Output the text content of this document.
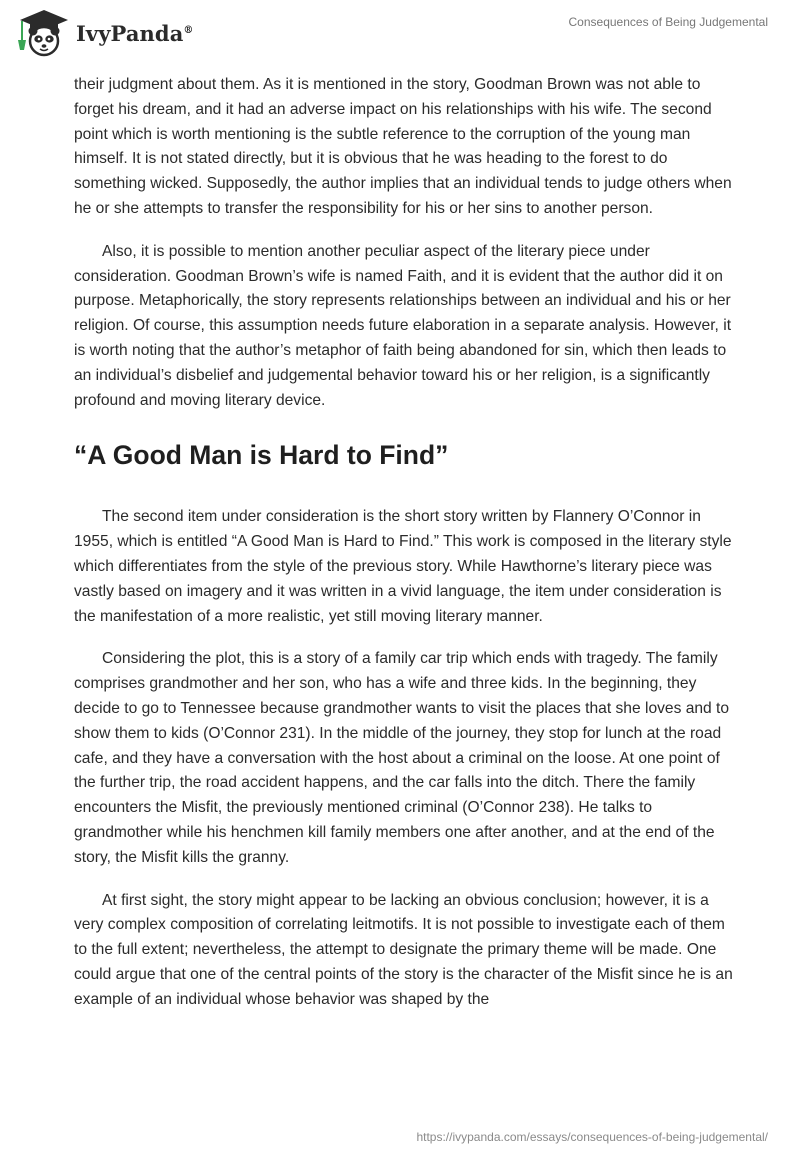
IvyPanda®
Consequences of Being Judgemental

their judgment about them. As it is mentioned in the story, Goodman Brown was not able to forget his dream, and it had an adverse impact on his relationships with his wife. The second point which is worth mentioning is the subtle reference to the corruption of the young man himself. It is not stated directly, but it is obvious that he was heading to the forest to do something wicked. Supposedly, the author implies that an individual tends to judge others when he or she attempts to transfer the responsibility for his or her sins to another person.

Also, it is possible to mention another peculiar aspect of the literary piece under consideration. Goodman Brown’s wife is named Faith, and it is evident that the author did it on purpose. Metaphorically, the story represents relationships between an individual and his or her religion. Of course, this assumption needs future elaboration in a separate analysis. However, it is worth noting that the author’s metaphor of faith being abandoned for sin, which then leads to an individual’s disbelief and judgemental behavior toward his or her religion, is a significantly profound and moving literary device.

“A Good Man is Hard to Find”

The second item under consideration is the short story written by Flannery O’Connor in 1955, which is entitled “A Good Man is Hard to Find.” This work is composed in the literary style which differentiates from the style of the previous story. While Hawthorne’s literary piece was vastly based on imagery and it was written in a vivid language, the item under consideration is the manifestation of a more realistic, yet still moving literary manner.

Considering the plot, this is a story of a family car trip which ends with tragedy. The family comprises grandmother and her son, who has a wife and three kids. In the beginning, they decide to go to Tennessee because grandmother wants to visit the places that she loves and to show them to kids (O’Connor 231). In the middle of the journey, they stop for lunch at the road cafe, and they have a conversation with the host about a criminal on the loose. At one point of the further trip, the road accident happens, and the car falls into the ditch. There the family encounters the Misfit, the previously mentioned criminal (O’Connor 238). He talks to grandmother while his henchmen kill family members one after another, and at the end of the story, the Misfit kills the granny.

At first sight, the story might appear to be lacking an obvious conclusion; however, it is a very complex composition of correlating leitmotifs. It is not possible to investigate each of them to the full extent; nevertheless, the attempt to designate the primary theme will be made. One could argue that one of the central points of the story is the character of the Misfit since he is an example of an individual whose behavior was shaped by the

https://ivypanda.com/essays/consequences-of-being-judgemental/
